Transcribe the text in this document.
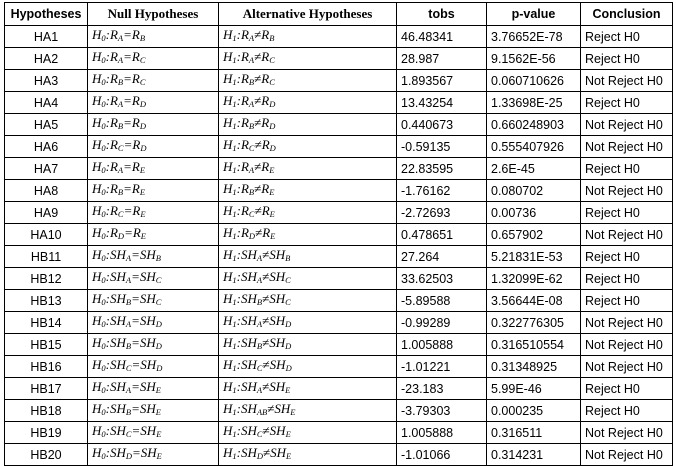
Hypotheses	Null Hypotheses	Alternative Hypotheses	tobs	p-value	Conclusion
HA1	$H_0:R_A=R_B$	$H_1:R_A\ne R_B$	46.48341	3.76652E-78	Reject H0
HA2	$H_0:R_A=R_C$	$H_1:R_A\ne R_C$	28.987	9.1562E-56	Reject H0
HA3	$H_0:R_B=R_C$	$H_1:R_B\ne R_C$	1.893567	0.060710626	Not Reject H0
HA4	$H_0:R_A=R_D$	$H_1:R_A\ne R_D$	13.43254	1.33698E-25	Reject H0
HA5	$H_0:R_B=R_D$	$H_1:R_B\ne R_D$	0.440673	0.660248903	Not Reject H0
HA6	$H_0:R_C=R_D$	$H_1:R_C\ne R_D$	-0.59135	0.555407926	Not Reject H0
HA7	$H_0:R_A=R_E$	$H_1:R_A\ne R_E$	22.83595	2.6E-45	Reject H0
HA8	$H_0:R_B=R_E$	$H_1:R_B\ne R_E$	-1.76162	0.080702	Not Reject H0
HA9	$H_0:R_C=R_E$	$H_1:R_C\ne R_E$	-2.72693	0.00736	Reject H0
HA10	$H_0:R_D=R_E$	$H_1:R_D\ne R_E$	0.478651	0.657902	Not Reject H0
HB11	$H_0:SH_A=SH_B$	$H_1:SH_A\ne SH_B$	27.264	5.21831E-53	Reject H0
HB12	$H_0:SH_A=SH_C$	$H_1:SH_A\ne SH_C$	33.62503	1.32099E-62	Reject H0
HB13	$H_0:SH_B=SH_C$	$H_1:SH_B\ne SH_C$	-5.89588	3.56644E-08	Reject H0
HB14	$H_0:SH_A=SH_D$	$H_1:SH_A\ne SH_D$	-0.99289	0.322776305	Not Reject H0
HB15	$H_0:SH_B=SH_D$	$H_1:SH_B\ne SH_D$	1.005888	0.316510554	Not Reject H0
HB16	$H_0:SH_C=SH_D$	$H_1:SH_C\ne SH_D$	-1.01221	0.31348925	Not Reject H0
HB17	$H_0:SH_A=SH_E$	$H_1:SH_A\ne SH_E$	-23.183	5.99E-46	Reject H0
HB18	$H_0:SH_B=SH_E$	$H_1:SH_{AB}\ne SH_E$	-3.79303	0.000235	Reject H0
HB19	$H_0:SH_C=SH_E$	$H_1:SH_C\ne SH_E$	1.005888	0.316511	Not Reject H0
HB20	$H_0:SH_D=SH_E$	$H_1:SH_D\ne SH_E$	-1.01066	0.314231	Not Reject H0
